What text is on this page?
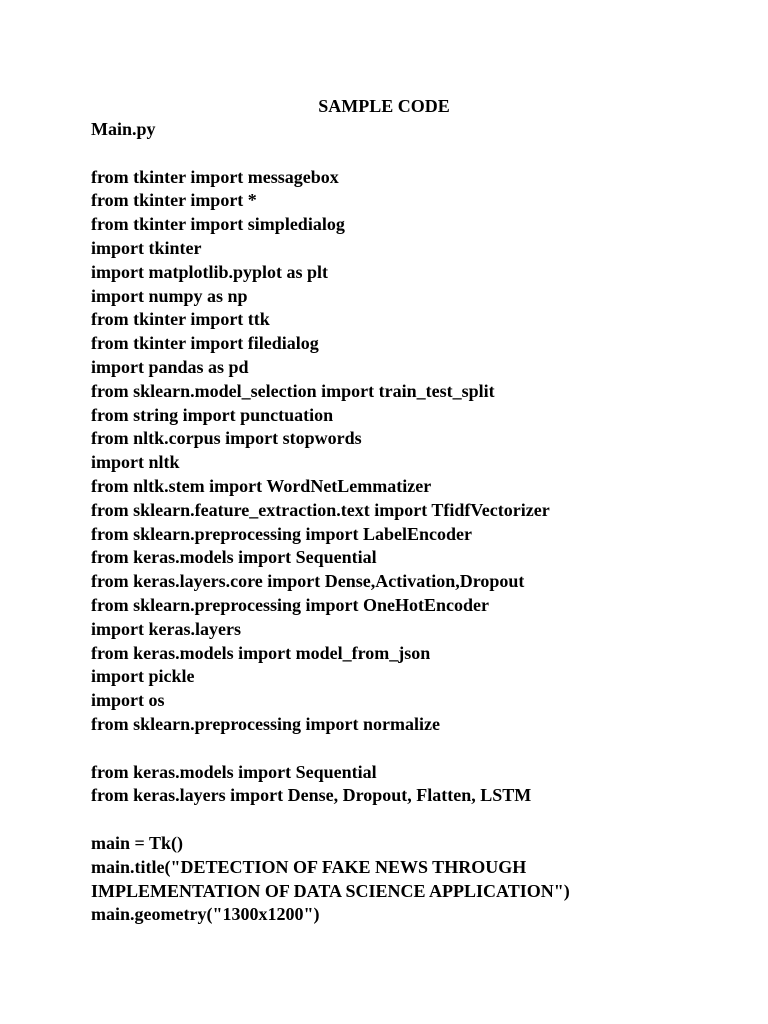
SAMPLE CODE
Main.py
from tkinter import messagebox
from tkinter import *
from tkinter import simpledialog
import tkinter
import matplotlib.pyplot as plt
import numpy as np
from tkinter import ttk
from tkinter import filedialog
import pandas as pd
from sklearn.model_selection import train_test_split
from string import punctuation
from nltk.corpus import stopwords
import nltk
from nltk.stem import WordNetLemmatizer
from sklearn.feature_extraction.text import TfidfVectorizer
from sklearn.preprocessing import LabelEncoder
from keras.models import Sequential
from keras.layers.core import Dense,Activation,Dropout
from sklearn.preprocessing import OneHotEncoder
import keras.layers
from keras.models import model_from_json
import pickle
import os
from sklearn.preprocessing import normalize
from keras.models import Sequential
from keras.layers import Dense, Dropout, Flatten, LSTM
main = Tk()
main.title("DETECTION OF FAKE NEWS THROUGH
IMPLEMENTATION OF DATA SCIENCE APPLICATION")
main.geometry("1300x1200")
